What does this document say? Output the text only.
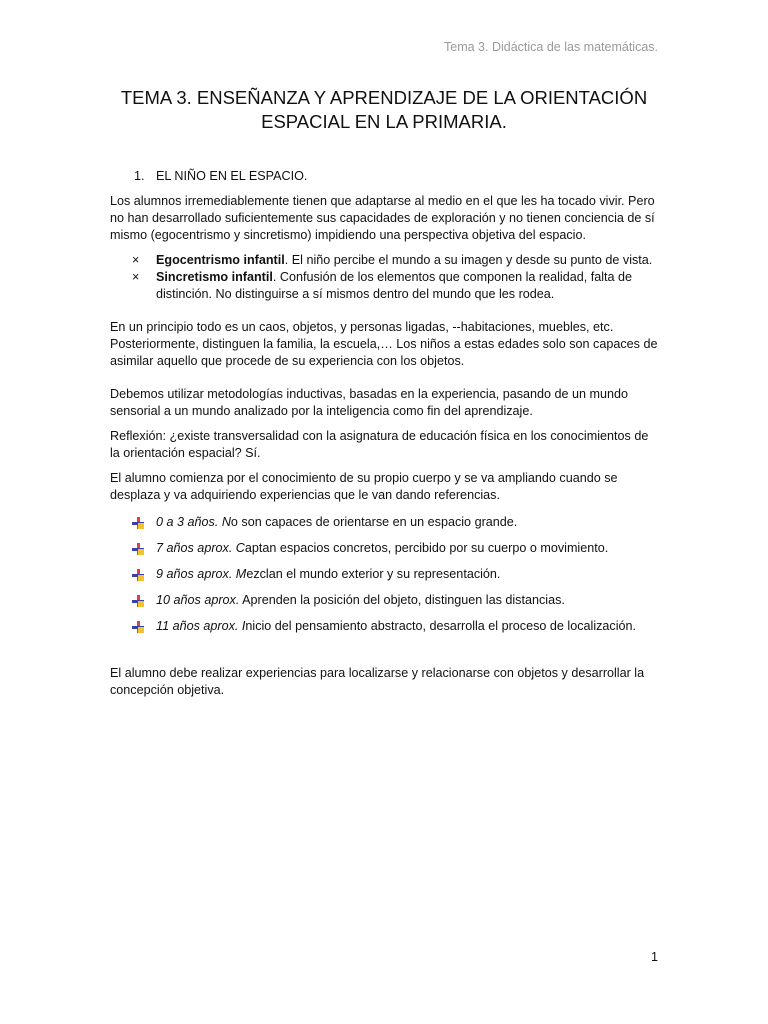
Tema 3. Didáctica de las matemáticas.
TEMA 3. ENSEÑANZA Y APRENDIZAJE DE LA ORIENTACIÓN ESPACIAL EN LA PRIMARIA.
1. EL NIÑO EN EL ESPACIO.

Los alumnos irremediablemente tienen que adaptarse al medio en el que les ha tocado vivir. Pero no han desarrollado suficientemente sus capacidades de exploración y no tienen conciencia de sí mismo (egocentrismo y sincretismo) impidiendo una perspectiva objetiva del espacio.

×	Egocentrismo infantil. El niño percibe el mundo a su imagen y desde su punto de vista.
×	Sincretismo infantil. Confusión de los elementos que componen la realidad, falta de distinción. No distinguirse a sí mismos dentro del mundo que les rodea.

En un principio todo es un caos, objetos, y personas ligadas, --habitaciones, muebles, etc. Posteriormente, distinguen la familia, la escuela,… Los niños a estas edades solo son capaces de asimilar aquello que procede de su experiencia con los objetos.

Debemos utilizar metodologías inductivas, basadas en la experiencia, pasando de un mundo sensorial a un mundo analizado por la inteligencia como fin del aprendizaje.

Reflexión: ¿existe transversalidad con la asignatura de educación física en los conocimientos de la orientación espacial? Sí.

El alumno comienza por el conocimiento de su propio cuerpo y se va ampliando cuando se desplaza y va adquiriendo experiencias que le van dando referencias.

0 a 3 años. No son capaces de orientarse en un espacio grande.
7 años aprox. Captan espacios concretos, percibido por su cuerpo o movimiento.
9 años aprox. Mezclan el mundo exterior y su representación.
10 años aprox. Aprenden la posición del objeto, distinguen las distancias.
11 años aprox. Inicio del pensamiento abstracto, desarrolla el proceso de localización.

El alumno debe realizar experiencias para localizarse y relacionarse con objetos y desarrollar la concepción objetiva.

1
